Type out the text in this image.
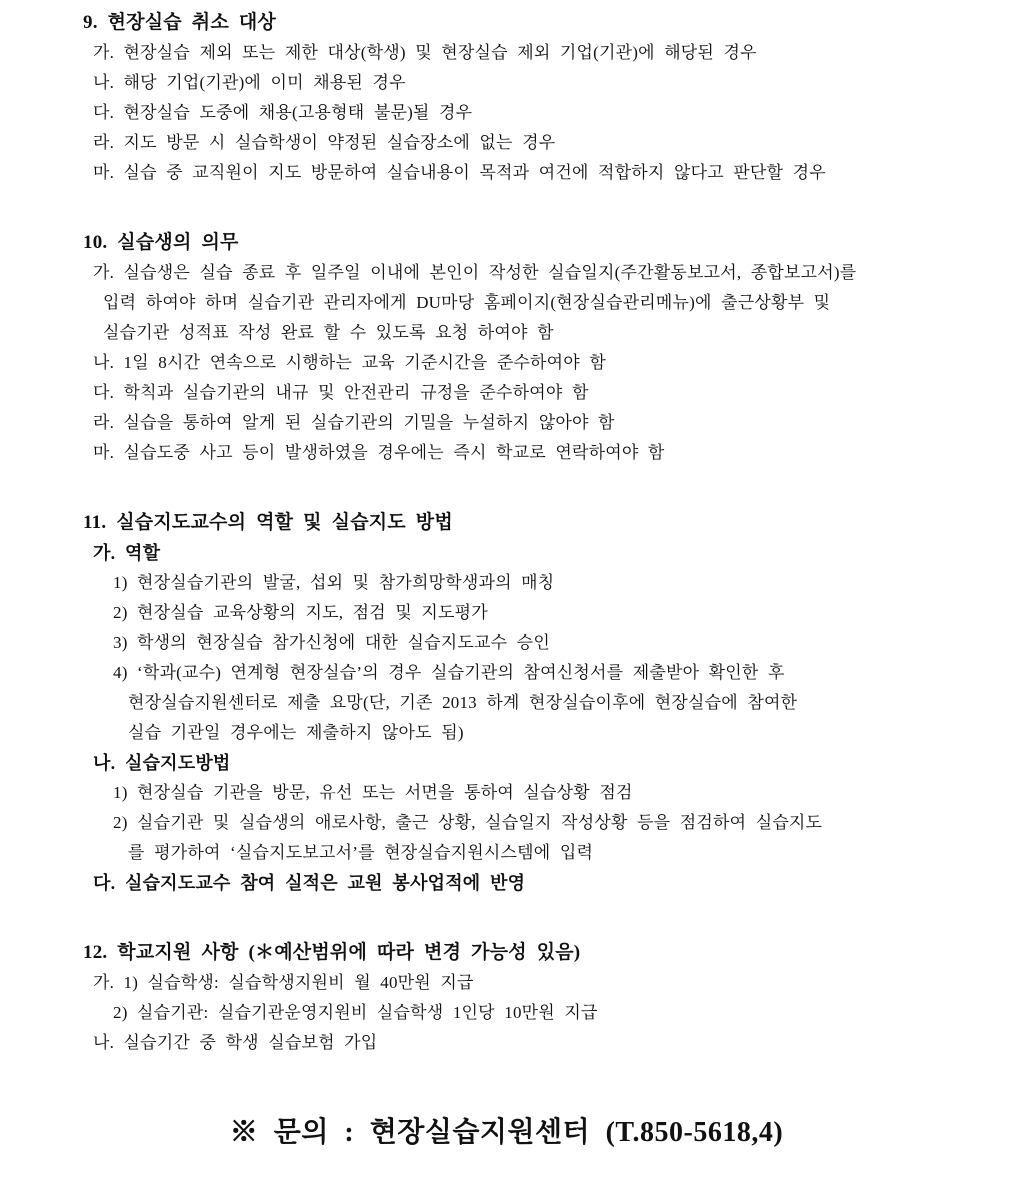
9. 현장실습 취소 대상
가. 현장실습 제외 또는 제한 대상(학생) 및 현장실습 제외 기업(기관)에 해당된 경우
나. 해당 기업(기관)에 이미 채용된 경우
다. 현장실습 도중에 채용(고용형태 불문)될 경우
라. 지도 방문 시 실습학생이 약정된 실습장소에 없는 경우
마. 실습 중 교직원이 지도 방문하여 실습내용이 목적과 여건에 적합하지 않다고 판단할 경우
10. 실습생의 의무
가. 실습생은 실습 종료 후 일주일 이내에 본인이 작성한 실습일지(주간활동보고서, 종합보고서)를
입력 하여야 하며 실습기관 관리자에게 DU마당 홈페이지(현장실습관리메뉴)에 출근상황부 및
실습기관 성적표 작성 완료 할 수 있도록 요청 하여야 함
나. 1일 8시간 연속으로 시행하는 교육 기준시간을 준수하여야 함
다. 학칙과 실습기관의 내규 및 안전관리 규정을 준수하여야 함
라. 실습을 통하여 알게 된 실습기관의 기밀을 누설하지 않아야 함
마. 실습도중 사고 등이 발생하였을 경우에는 즉시 학교로 연락하여야 함
11. 실습지도교수의 역할 및 실습지도 방법
가. 역할
1) 현장실습기관의 발굴, 섭외 및 참가희망학생과의 매칭
2) 현장실습 교육상황의 지도, 점검 및 지도평가
3) 학생의 현장실습 참가신청에 대한 실습지도교수 승인
4) ‘학과(교수) 연계형 현장실습’의 경우 실습기관의 참여신청서를 제출받아 확인한 후
현장실습지원센터로 제출 요망(단, 기존 2013 하계 현장실습이후에 현장실습에 참여한
실습 기관일 경우에는 제출하지 않아도 됨)
나. 실습지도방법
1) 현장실습 기관을 방문, 유선 또는 서면을 통하여 실습상황 점검
2) 실습기관 및 실습생의 애로사항, 출근 상황, 실습일지 작성상황 등을 점검하여 실습지도
를 평가하여 ‘실습지도보고서’를 현장실습지원시스템에 입력
다. 실습지도교수 참여 실적은 교원 봉사업적에 반영
12. 학교지원 사항 (＊예산범위에 따라 변경 가능성 있음)
가. 1) 실습학생: 실습학생지원비 월 40만원 지급
2) 실습기관: 실습기관운영지원비 실습학생 1인당 10만원 지급
나. 실습기간 중 학생 실습보험 가입
※ 문의 : 현장실습지원센터 (T.850-5618,4)
